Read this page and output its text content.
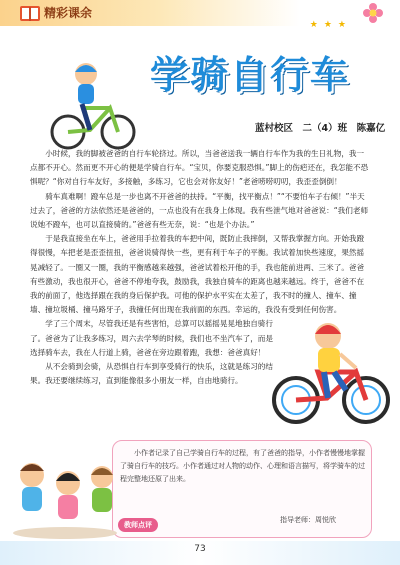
精彩课余
★★★
学骑自行车
蓝村校区　二（4）班　陈嘉亿

小时候，我的脚被爸爸的自行车轮挤过。所以，当爸爸送我一辆自行车作为我的生日礼物，我一点都不开心。然而更不开心的便是学骑自行车。“宝贝，你要克服恐惧。”脚上的伤疤还在，我怎能不恐惧呢？“你对自行车友好，多接触，多练习，它也会对你友好！”老爸唠唠叨叨，我歪歪倒倒！

骑车真难啊！蹬车总是一步也离不开爸爸的扶持。“平衡，找平衡点！”“不要怕车子右倾！”半天过去了，爸爸的方法依然还是爸爸的，一点也没有在我身上体现。我有些泄气地对爸爸说：“我们老师说她不蹬车，也可以直接骑的。”爸爸有些无奈，说：“也是个办法。”

于是我直接坐在车上，爸爸用手拉着我的车把中间，既防止我摔倒，又帮我掌握方向。开始我蹬得很慢，车把老是歪歪扭扭，爸爸说骑得快一些，更有利于车子的平衡。我试着加快些速度，果然摇晃减轻了。一圈又一圈，我的平衡感越来越强，爸爸试着松开他的手，我也能前进两、三米了。爸爸有些激动，我也很开心，爸爸不停地夸我，鼓励我，我独自骑车的距离也越来越远。终于，爸爸不在我的前面了，他选择跟在我的身后保护我。可他的保护水平实在太差了，我不时的撞人、撞车、撞墙、撞垃圾桶、撞马路牙子，我撞任何出现在我前面的东西。幸运的，我没有受到任何伤害。

学了三个周末，尽管我还是有些害怕，总算可以摇摇晃晃地独自骑行了。爸爸为了让我多练习，周六去学琴的时候，我们也不坐汽车了，而是选择骑车去，我在人行道上骑，爸爸在旁边跟着跑，我想：爸爸真好！

从不会骑到会骑，从恐惧自行车到享受骑行的快乐，这就是练习的结果。我还要继续练习，直到能像很多小朋友一样，自由地骑行。

小作者记录了自己学骑自行车的过程，有了爸爸的指导，小作者慢慢地掌握了骑自行车的技巧。小作者通过对人物的动作、心理和语言描写，将学骑车的过程完整地还原了出来。
教师点评
指导老师：周悦欣
73
